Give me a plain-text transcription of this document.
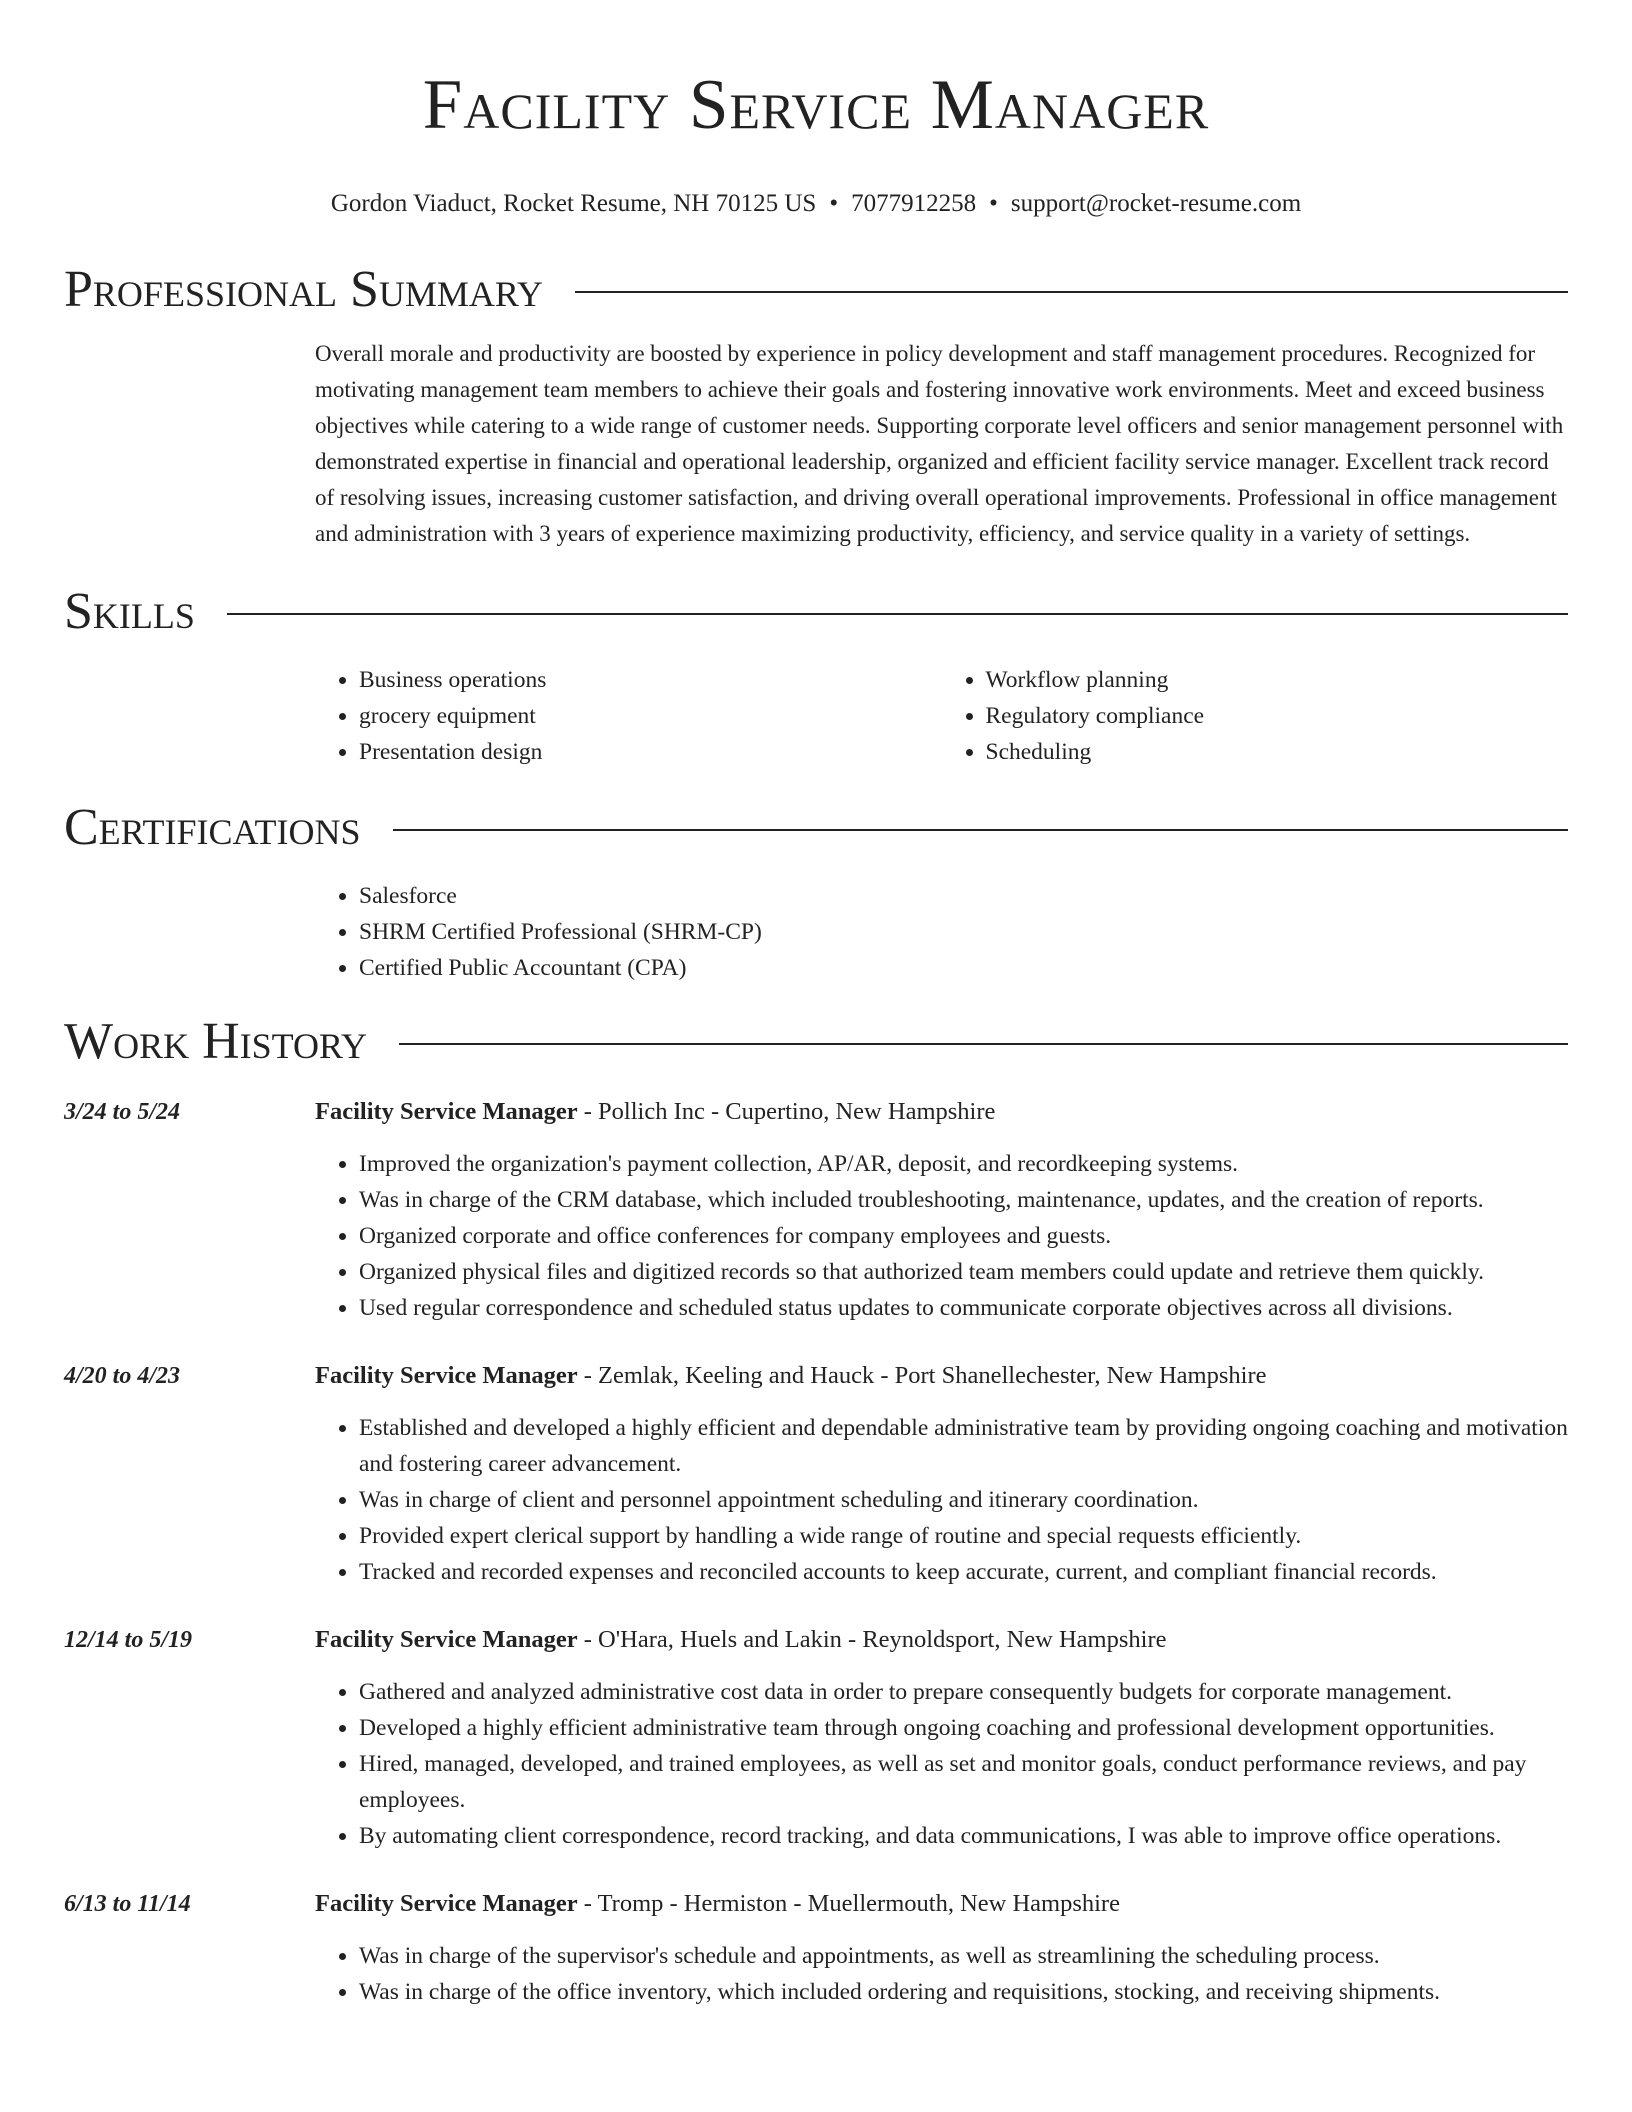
Facility Service Manager
Gordon Viaduct, Rocket Resume, NH 70125 US • 7077912258 • support@rocket-resume.com
Professional Summary

Overall morale and productivity are boosted by experience in policy development and staff management procedures. Recognized for motivating management team members to achieve their goals and fostering innovative work environments. Meet and exceed business objectives while catering to a wide range of customer needs. Supporting corporate level officers and senior management personnel with demonstrated expertise in financial and operational leadership, organized and efficient facility service manager. Excellent track record of resolving issues, increasing customer satisfaction, and driving overall operational improvements. Professional in office management and administration with 3 years of experience maximizing productivity, efficiency, and service quality in a variety of settings.

Skills
• Business operations
• grocery equipment
• Presentation design
• Workflow planning
• Regulatory compliance
• Scheduling
Certifications
• Salesforce
• SHRM Certified Professional (SHRM-CP)
• Certified Public Accountant (CPA)
Work History
3/24 to 5/24	Facility Service Manager - Pollich Inc - Cupertino, New Hampshire
• Improved the organization's payment collection, AP/AR, deposit, and recordkeeping systems.
• Was in charge of the CRM database, which included troubleshooting, maintenance, updates, and the creation of reports.
• Organized corporate and office conferences for company employees and guests.
• Organized physical files and digitized records so that authorized team members could update and retrieve them quickly.
• Used regular correspondence and scheduled status updates to communicate corporate objectives across all divisions.
4/20 to 4/23	Facility Service Manager - Zemlak, Keeling and Hauck - Port Shanellechester, New Hampshire
• Established and developed a highly efficient and dependable administrative team by providing ongoing coaching and motivation and fostering career advancement.
• Was in charge of client and personnel appointment scheduling and itinerary coordination.
• Provided expert clerical support by handling a wide range of routine and special requests efficiently.
• Tracked and recorded expenses and reconciled accounts to keep accurate, current, and compliant financial records.
12/14 to 5/19	Facility Service Manager - O'Hara, Huels and Lakin - Reynoldsport, New Hampshire
• Gathered and analyzed administrative cost data in order to prepare consequently budgets for corporate management.
• Developed a highly efficient administrative team through ongoing coaching and professional development opportunities.
• Hired, managed, developed, and trained employees, as well as set and monitor goals, conduct performance reviews, and pay employees.
• By automating client correspondence, record tracking, and data communications, I was able to improve office operations.
6/13 to 11/14	Facility Service Manager - Tromp - Hermiston - Muellermouth, New Hampshire
• Was in charge of the supervisor's schedule and appointments, as well as streamlining the scheduling process.
• Was in charge of the office inventory, which included ordering and requisitions, stocking, and receiving shipments.
